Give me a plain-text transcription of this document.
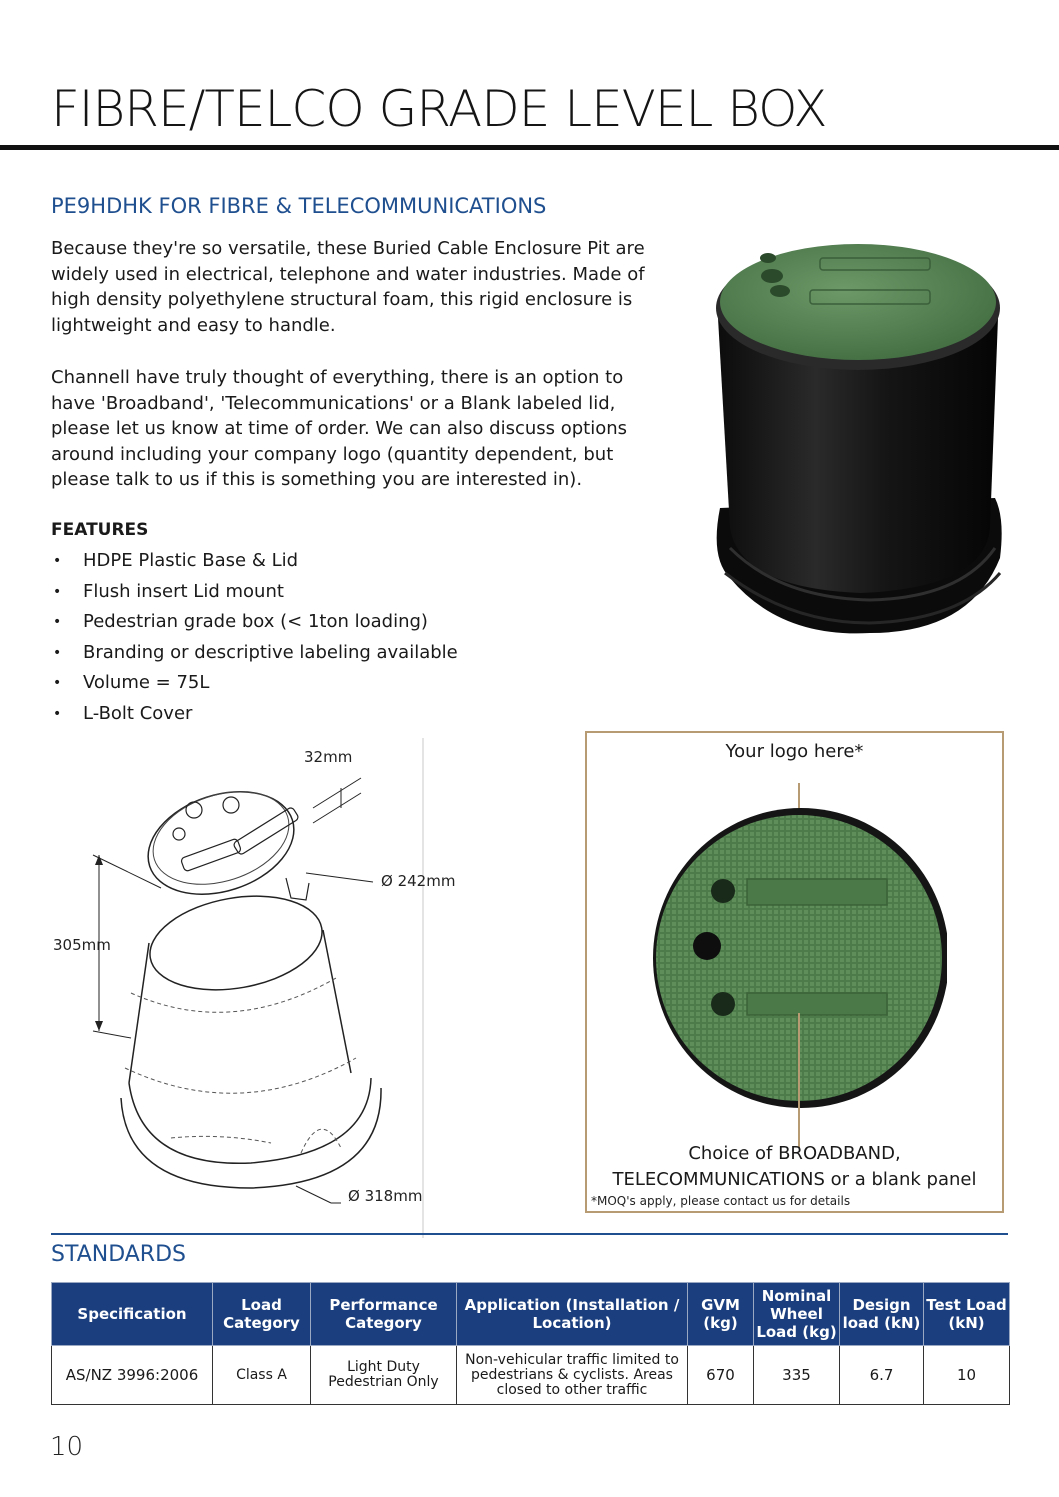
FIBRE/TELCO GRADE LEVEL BOX
PE9HDHK FOR FIBRE & TELECOMMUNICATIONS

Because they're so versatile, these Buried Cable Enclosure Pit are widely used in electrical, telephone and water industries. Made of high density polyethylene structural foam, this rigid enclosure is lightweight and easy to handle.

Channell have truly thought of everything, there is an option to have 'Broadband', 'Telecommunications' or a Blank labeled lid, please let us know at time of order. We can also discuss options around including your company logo (quantity dependent, but please talk to us if this is something you are interested in).

FEATURES
• HDPE Plastic Base & Lid
• Flush insert Lid mount
• Pedestrian grade box (< 1ton loading)
• Branding or descriptive labeling available
• Volume = 75L
• L-Bolt Cover
32mm
Ø 242mm
305mm
Ø 318mm
Your logo here*
Choice of BROADBAND,
TELECOMMUNICATIONS or a blank panel
*MOQ's apply, please contact us for details
STANDARDS
Specification	Load Category	Performance Category	Application (Installation / Location)	GVM (kg)	Nominal Wheel Load (kg)	Design load (kN)	Test Load (kN)
AS/NZ 3996:2006	Class A	Light Duty Pedestrian Only	Non-vehicular traffic limited to pedestrians & cyclists. Areas closed to other traffic	670	335	6.7	10
10
